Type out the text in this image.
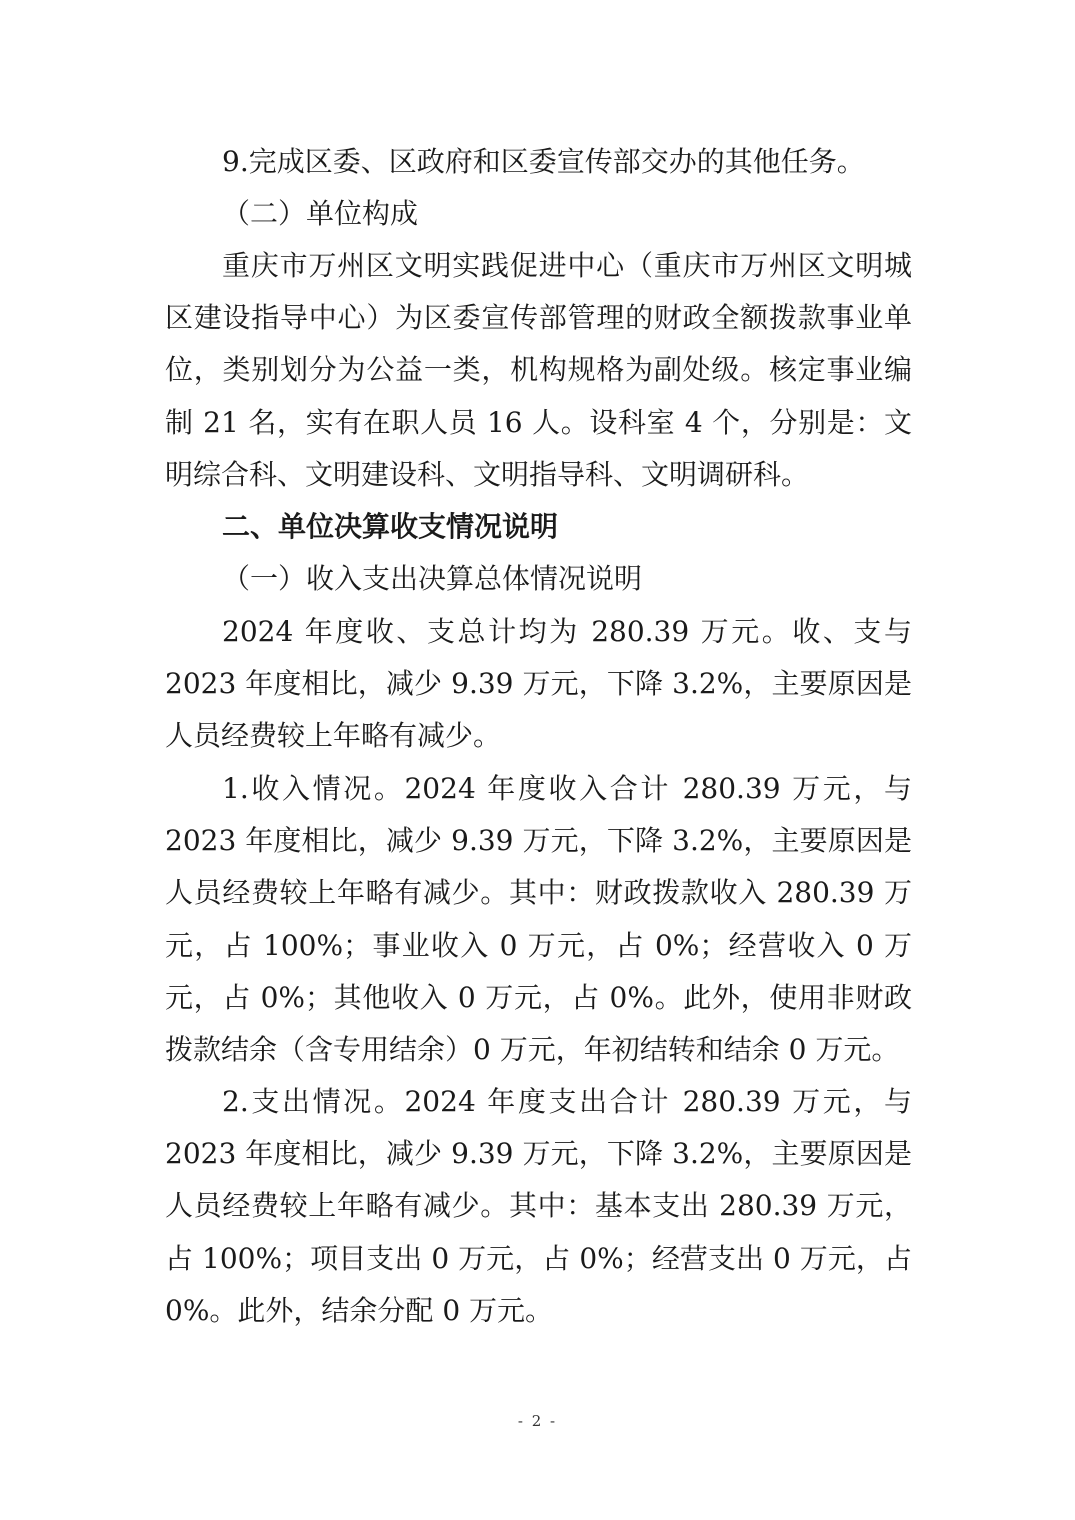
9.完成区委、区政府和区委宣传部交办的其他任务。

（二）单位构成

重庆市万州区文明实践促进中心（重庆市万州区文明城区建设指导中心）为区委宣传部管理的财政全额拨款事业单位，类别划分为公益一类，机构规格为副处级。核定事业编制 21 名，实有在职人员 16 人。设科室 4 个，分别是：文明综合科、文明建设科、文明指导科、文明调研科。

二、单位决算收支情况说明

（一）收入支出决算总体情况说明

2024 年度收、支总计均为 280.39 万元。收、支与 2023 年度相比，减少 9.39 万元，下降 3.2%，主要原因是人员经费较上年略有减少。

1.收入情况。2024 年度收入合计 280.39 万元，与 2023 年度相比，减少 9.39 万元，下降 3.2%，主要原因是人员经费较上年略有减少。其中：财政拨款收入 280.39 万元，占 100%；事业收入 0 万元，占 0%；经营收入 0 万元，占 0%；其他收入 0 万元，占 0%。此外，使用非财政拨款结余（含专用结余）0 万元，年初结转和结余 0 万元。

2.支出情况。2024 年度支出合计 280.39 万元，与 2023 年度相比，减少 9.39 万元，下降 3.2%，主要原因是人员经费较上年略有减少。其中：基本支出 280.39 万元，占 100%；项目支出 0 万元，占 0%；经营支出 0 万元，占 0%。此外，结余分配 0 万元。

- 2 -
